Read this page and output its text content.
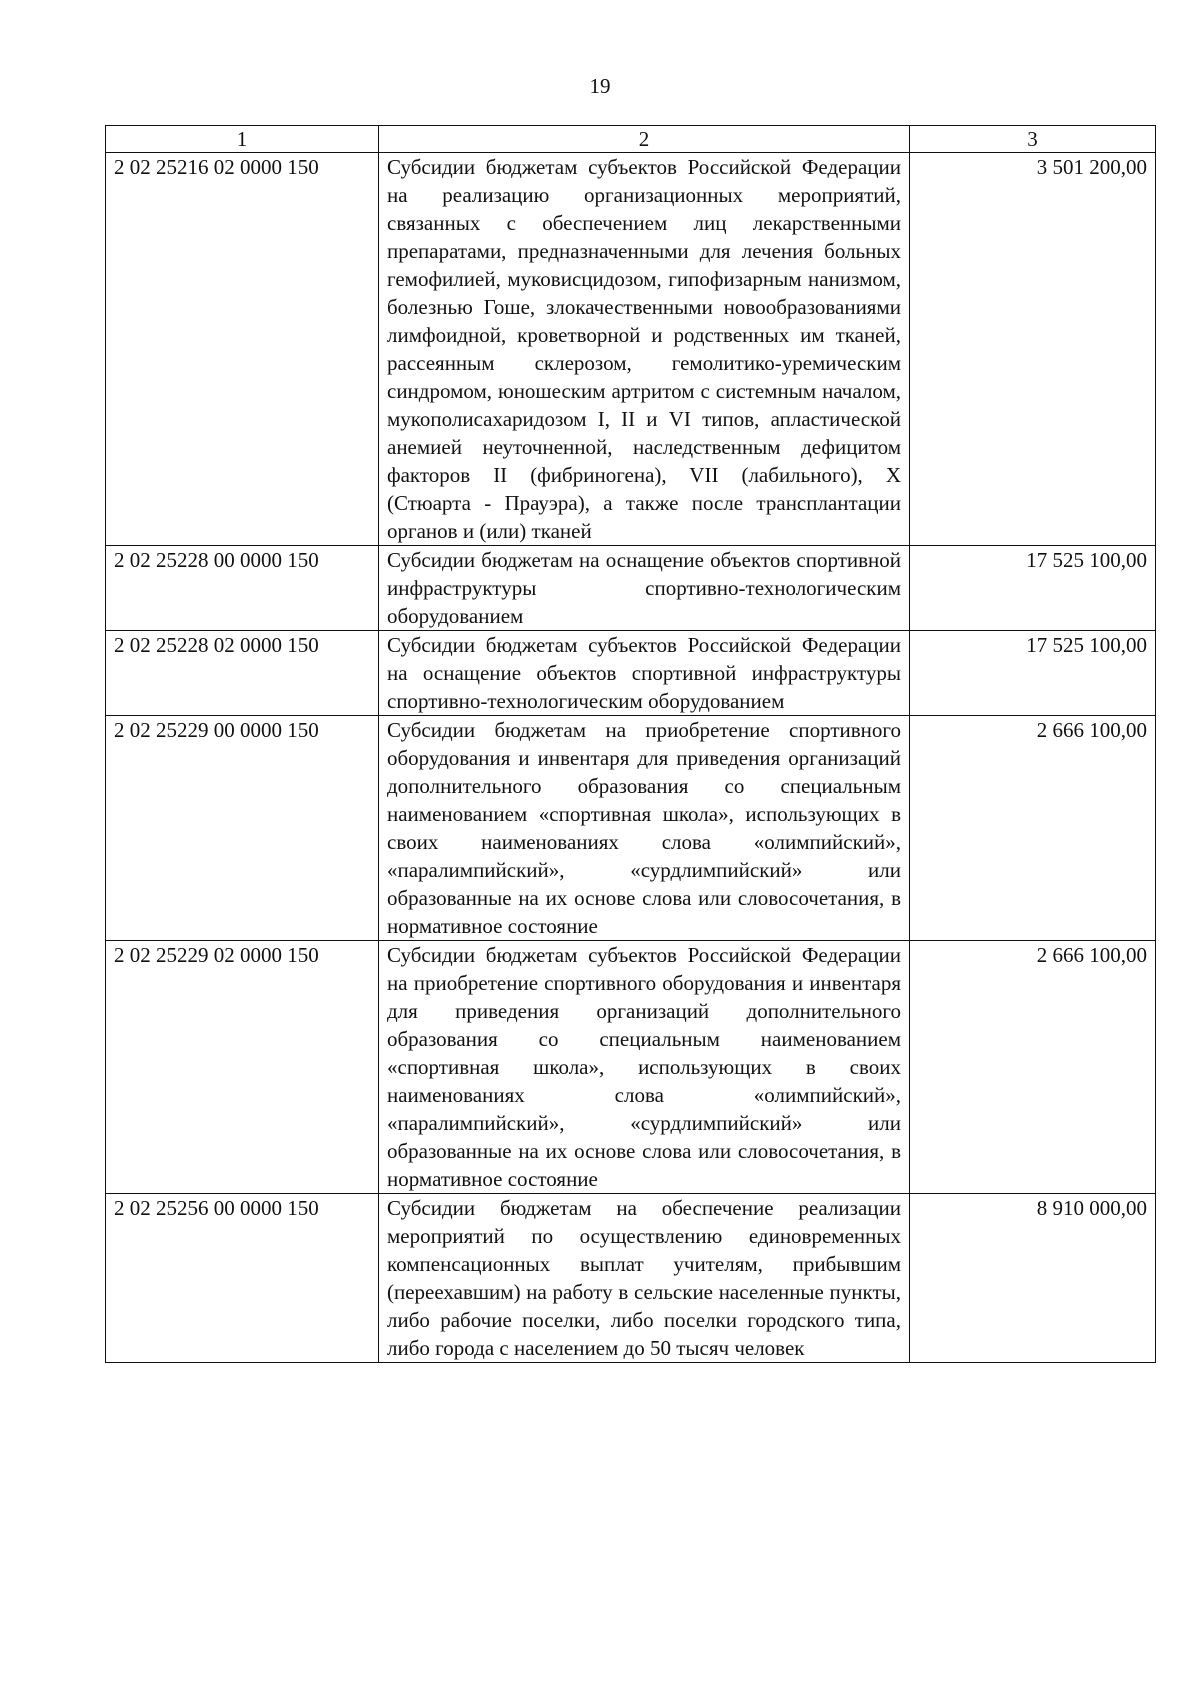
19
1	2	3
2 02 25216 02 0000 150	Субсидии бюджетам субъектов Российской Федерации на реализацию организационных мероприятий, связанных с обеспечением лиц лекарственными препаратами, предназначенными для лечения больных гемофилией, муковисцидозом, гипофизарным нанизмом, болезнью Гоше, злокачественными новообразованиями лимфоидной, кроветворной и родственных им тканей, рассеянным склерозом, гемолитико-уремическим синдромом, юношеским артритом с системным началом, мукополисахаридозом I, II и VI типов, апластической анемией неуточненной, наследственным дефицитом факторов II (фибриногена), VII (лабильного), X (Стюарта - Прауэра), а также после трансплантации органов и (или) тканей	3 501 200,00
2 02 25228 00 0000 150	Субсидии бюджетам на оснащение объектов спортивной инфраструктуры спортивно-технологическим оборудованием	17 525 100,00
2 02 25228 02 0000 150	Субсидии бюджетам субъектов Российской Федерации на оснащение объектов спортивной инфраструктуры спортивно-технологическим оборудованием	17 525 100,00
2 02 25229 00 0000 150	Субсидии бюджетам на приобретение спортивного оборудования и инвентаря для приведения организаций дополнительного образования со специальным наименованием «спортивная школа», использующих в своих наименованиях слова «олимпийский», «паралимпийский», «сурдлимпийский» или образованные на их основе слова или словосочетания, в нормативное состояние	2 666 100,00
2 02 25229 02 0000 150	Субсидии бюджетам субъектов Российской Федерации на приобретение спортивного оборудования и инвентаря для приведения организаций дополнительного образования со специальным наименованием «спортивная школа», использующих в своих наименованиях слова «олимпийский», «паралимпийский», «сурдлимпийский» или образованные на их основе слова или словосочетания, в нормативное состояние	2 666 100,00
2 02 25256 00 0000 150	Субсидии бюджетам на обеспечение реализации мероприятий по осуществлению единовременных компенсационных выплат учителям, прибывшим (переехавшим) на работу в сельские населенные пункты, либо рабочие поселки, либо поселки городского типа, либо города с населением до 50 тысяч человек	8 910 000,00
